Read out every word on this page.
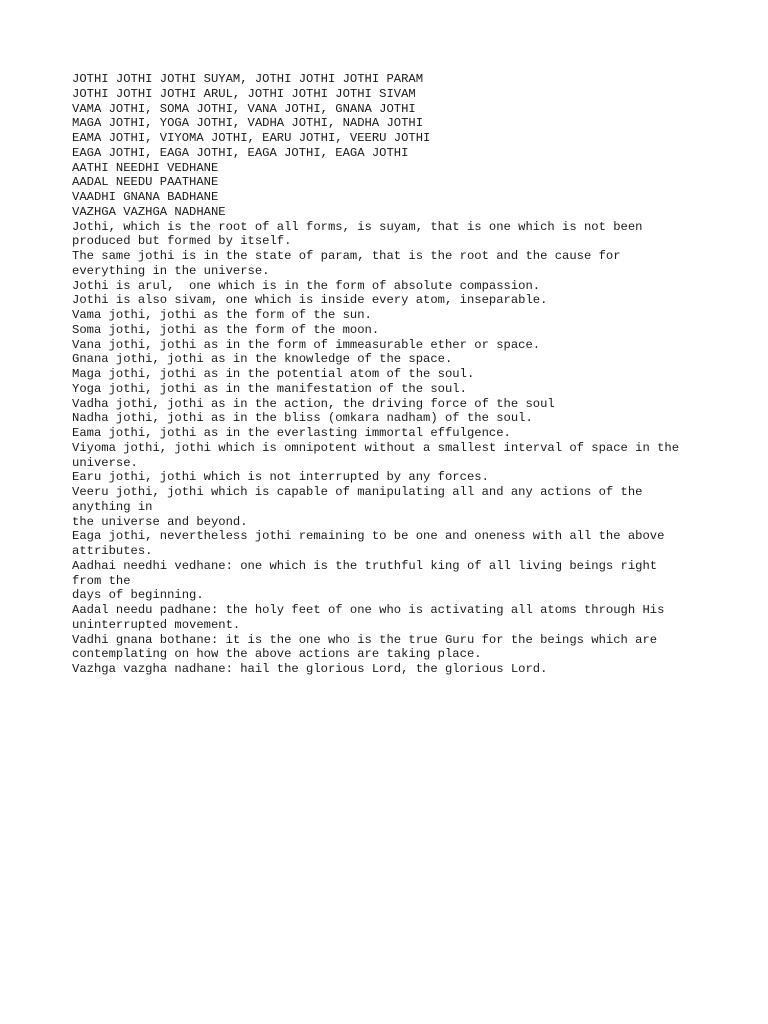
JOTHI JOTHI JOTHI SUYAM, JOTHI JOTHI JOTHI PARAM
JOTHI JOTHI JOTHI ARUL, JOTHI JOTHI JOTHI SIVAM
VAMA JOTHI, SOMA JOTHI, VANA JOTHI, GNANA JOTHI
MAGA JOTHI, YOGA JOTHI, VADHA JOTHI, NADHA JOTHI
EAMA JOTHI, VIYOMA JOTHI, EARU JOTHI, VEERU JOTHI
EAGA JOTHI, EAGA JOTHI, EAGA JOTHI, EAGA JOTHI
AATHI NEEDHI VEDHANE
AADAL NEEDU PAATHANE
VAADHI GNANA BADHANE
VAZHGA VAZHGA NADHANE
Jothi, which is the root of all forms, is suyam, that is one which is not been
produced but formed by itself.
The same jothi is in the state of param, that is the root and the cause for
everything in the universe.
Jothi is arul,  one which is in the form of absolute compassion.
Jothi is also sivam, one which is inside every atom, inseparable.
Vama jothi, jothi as the form of the sun.
Soma jothi, jothi as the form of the moon.
Vana jothi, jothi as in the form of immeasurable ether or space.
Gnana jothi, jothi as in the knowledge of the space.
Maga jothi, jothi as in the potential atom of the soul.
Yoga jothi, jothi as in the manifestation of the soul.
Vadha jothi, jothi as in the action, the driving force of the soul
Nadha jothi, jothi as in the bliss (omkara nadham) of the soul.
Eama jothi, jothi as in the everlasting immortal effulgence.
Viyoma jothi, jothi which is omnipotent without a smallest interval of space in the
universe.
Earu jothi, jothi which is not interrupted by any forces.
Veeru jothi, jothi which is capable of manipulating all and any actions of the
anything in
the universe and beyond.
Eaga jothi, nevertheless jothi remaining to be one and oneness with all the above
attributes.
Aadhai needhi vedhane: one which is the truthful king of all living beings right
from the
days of beginning.
Aadal needu padhane: the holy feet of one who is activating all atoms through His
uninterrupted movement.
Vadhi gnana bothane: it is the one who is the true Guru for the beings which are
contemplating on how the above actions are taking place.
Vazhga vazgha nadhane: hail the glorious Lord, the glorious Lord.
